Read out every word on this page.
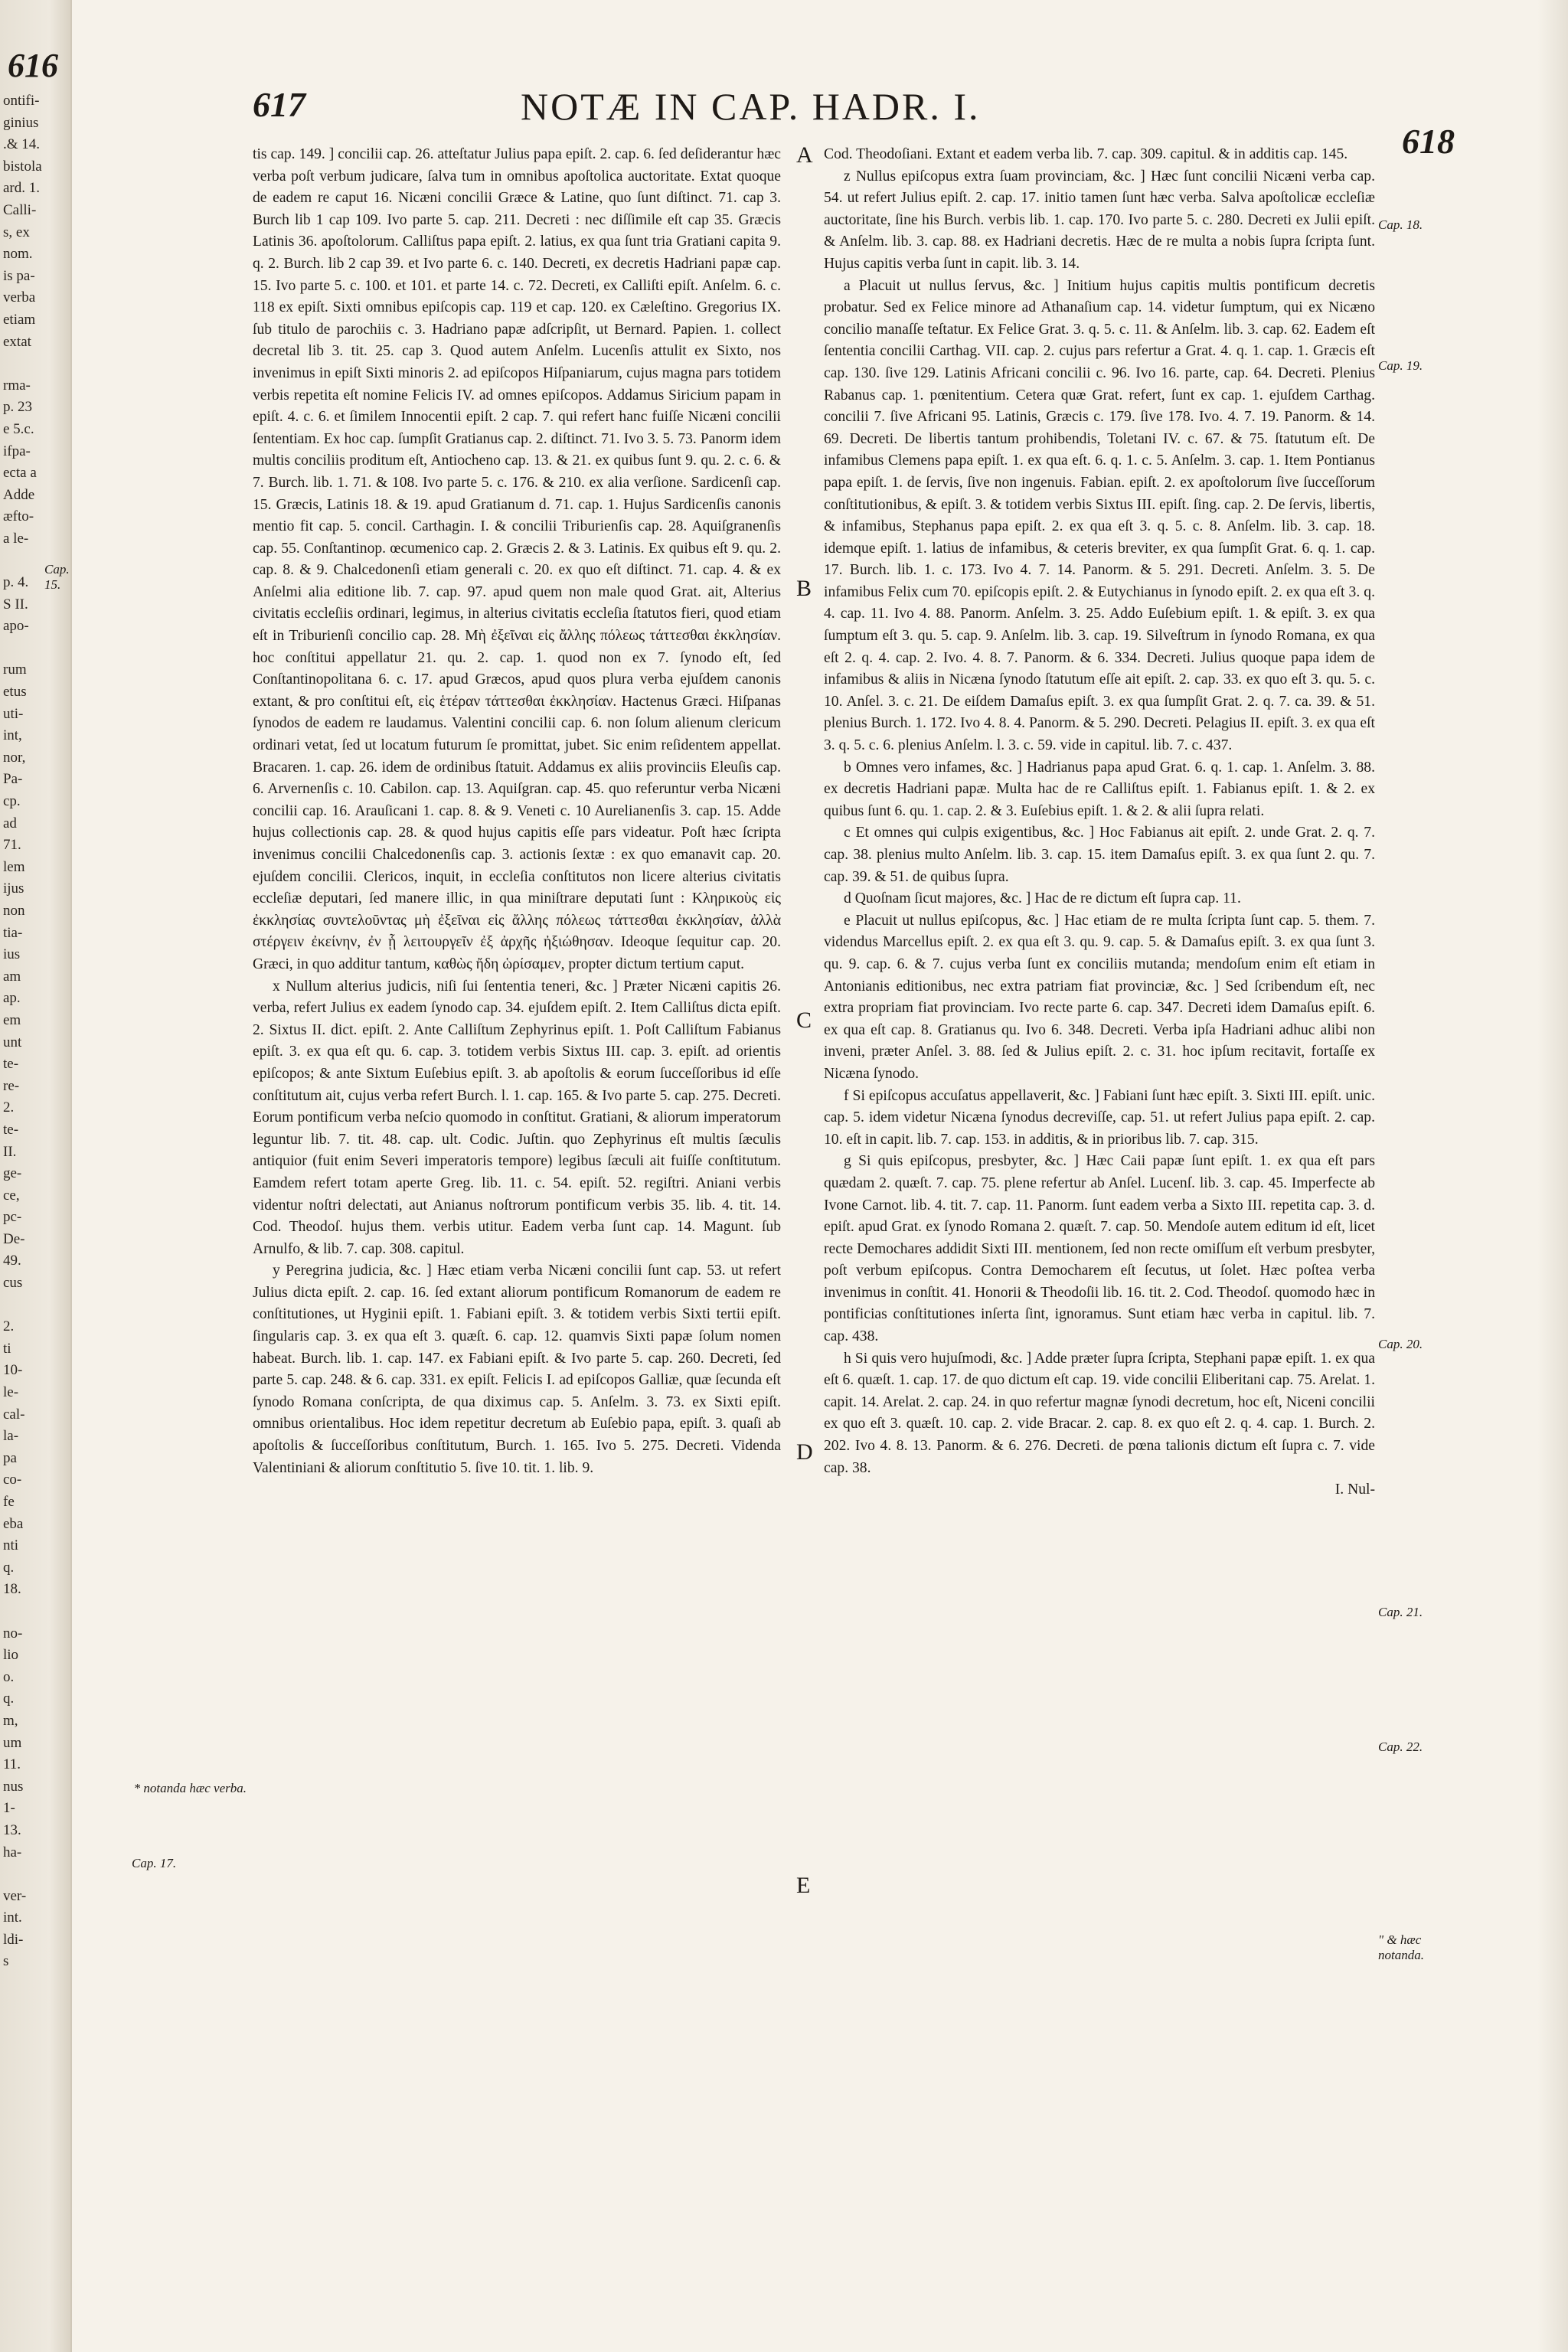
616
ontifi-
ginius
.& 14.
bistola
ard. 1.
Calli-
s, ex
nom.
is pa-
verba
etiam
extat
rma-
p. 23
e 5.c.
ifpa-
ecta a
Adde
æfto-
a le-
p. 4.
S II.
apo-
rum
etus
uti-
int,
nor,
Pa-
cp.
ad
71.
lem
ijus
non
tia-
ius
am
ap.
em
unt
te-
re-
2.
te-
II.
ge-
ce,
pc-
De-
49.
cus
2.
ti
10-
le-
cal-
la-
pa
co-
fe
eba
nti
q.
18.
no-
lio
o.
q.
m,
um
11.
nus
1-
13.
ha-
ver-
int.
ldi-
s
Cap. 15.
617	NOTÆ IN CAP. HADR. I.
618

tis cap. 149. ] concilii cap. 26. atteſtatur Julius papa epiſt. 2. cap. 6. ſed deſiderantur hæc verba poſt verbum judicare, ſalva tum in omnibus apoſtolica auctoritate. Extat quoque de eadem re caput 16. Nicæni concilii Græce & Latine, quo ſunt diſtinct. 71. cap 3. Burch lib 1 cap 109. Ivo parte 5. cap. 211. Decreti : nec diſſimile eſt cap 35. Græcis Latinis 36. apoſtolorum. Calliſtus papa epiſt. 2. latius, ex qua ſunt tria Gratiani capita 9. q. 2. Burch. lib 2 cap 39. et Ivo parte 6. c. 140. Decreti, ex decretis Hadriani papæ cap. 15. Ivo parte 5. c. 100. et 101. et parte 14. c. 72. Decreti, ex Calliſti epiſt. Anſelm. 6. c. 118 ex epiſt. Sixti omnibus epiſcopis cap. 119 et cap. 120. ex Cæleſtino. Gregorius IX. ſub titulo de parochiis c. 3. Hadriano papæ adſcripſit, ut Bernard. Papien. 1. collect decretal lib 3. tit. 25. cap 3. Quod autem Anſelm. Lucenſis attulit ex Sixto, nos invenimus in epiſt Sixti minoris 2. ad epiſcopos Hiſpaniarum, cujus magna pars totidem verbis repetita eſt nomine Felicis IV. ad omnes epiſcopos. Addamus Siricium papam in epiſt. 4. c. 6. et ſimilem Innocentii epiſt. 2 cap. 7. qui refert hanc fuiſſe Nicæni concilii ſententiam. Ex hoc cap. ſumpſit Gratianus cap. 2. diſtinct. 71. Ivo 3. 5. 73. Panorm idem multis conciliis proditum eſt, Antiocheno cap. 13. & 21. ex quibus ſunt 9. qu. 2. c. 6. & 7. Burch. lib. 1. 71. & 108. Ivo parte 5. c. 176. & 210. ex alia verſione. Sardicenſi cap. 15. Græcis, Latinis 18. & 19. apud Gratianum d. 71. cap. 1. Hujus Sardicenſis canonis mentio fit cap. 5. concil. Carthagin. I. & concilii Triburienſis cap. 28. Aquiſgranenſis cap. 55. Conſtantinop. œcumenico cap. 2. Græcis 2. & 3. Latinis. Ex quibus eſt 9. qu. 2. cap. 8. & 9. Chalcedonenſi etiam generali c. 20. ex quo eſt diſtinct. 71. cap. 4. & ex Anſelmi alia editione lib. 7. cap. 97. apud quem non male quod Grat. ait, Alterius civitatis eccleſiis ordinari, legimus, in alterius civitatis eccleſia ſtatutos fieri, quod etiam eſt in Triburienſi concilio cap. 28. Μὴ ἐξεῖναι εἰς ἄλλης πόλεως τάττεσθαι ἐκκλησίαν. hoc conſtitui appellatur 21. qu. 2. cap. 1. quod non ex 7. ſynodo eſt, ſed Conſtantinopolitana 6. c. 17. apud Græcos, apud quos plura verba ejuſdem canonis extant, & pro conſtitui eſt, εἰς ἑτέραν τάττεσθαι ἐκκλησίαν. Hactenus Græci. Hiſpanas ſynodos de eadem re laudamus. Valentini concilii cap. 6. non ſolum alienum clericum ordinari vetat, ſed ut locatum futurum ſe promittat, jubet. Sic enim reſidentem appellat. Bracaren. 1. cap. 26. idem de ordinibus ſtatuit. Addamus ex aliis provinciis Eleuſis cap. 6. Arvernenſis c. 10. Cabilon. cap. 13. Aquiſgran. cap. 45. quo referuntur verba Nicæni concilii cap. 16. Arauſicani 1. cap. 8. & 9. Veneti c. 10 Aurelianenſis 3. cap. 15. Adde hujus collectionis cap. 28. & quod hujus capitis eſſe pars videatur. Poſt hæc ſcripta invenimus concilii Chalcedonenſis cap. 3. actionis ſextæ : ex quo emanavit cap. 20. ejuſdem concilii. Clericos, inquit, in eccleſia conſtitutos non licere alterius civitatis eccleſiæ deputari, ſed manere illic, in qua miniſtrare deputati ſunt : Κληρικοὺς εἰς ἐκκλησίας συντελοῦντας μὴ ἐξεῖναι εἰς ἄλλης πόλεως τάττεσθαι ἐκκλησίαν, ἀλλὰ στέργειν ἐκείνην, ἐν ᾗ λειτουργεῖν ἐξ ἀρχῆς ἠξιώθησαν. Ideoque ſequitur cap. 20. Græci, in quo additur tantum, καθὼς ἤδη ὡρίσαμεν, propter dictum tertium caput.

x Nullum alterius judicis, niſi ſui ſententia teneri, &c. ] Præter Nicæni capitis 26. verba, refert Julius ex eadem ſynodo cap. 34. ejuſdem epiſt. 2. Item Calliſtus dicta epiſt. 2. Sixtus II. dict. epiſt. 2. Ante Calliſtum Zephyrinus epiſt. 1. Poſt Calliſtum Fabianus epiſt. 3. ex qua eſt qu. 6. cap. 3. totidem verbis Sixtus III. cap. 3. epiſt. ad orientis epiſcopos; & ante Sixtum Euſebius epiſt. 3. ab apoſtolis & eorum ſucceſſoribus id eſſe conſtitutum ait, cujus verba refert Burch. l. 1. cap. 165. & Ivo parte 5. cap. 275. Decreti. Eorum pontificum verba neſcio quomodo in conſtitut. Gratiani, & aliorum imperatorum leguntur lib. 7. tit. 48. cap. ult. Codic. Juſtin. quo Zephyrinus eſt multis ſæculis antiquior (fuit enim Severi imperatoris tempore) legibus ſæculi ait fuiſſe conſtitutum. Eamdem refert totam aperte Greg. lib. 11. c. 54. epiſt. 52. regiſtri. Aniani verbis videntur noſtri delectati, aut Anianus noſtrorum pontificum verbis 35. lib. 4. tit. 14. Cod. Theodoſ. hujus them. verbis utitur. Eadem verba ſunt cap. 14. Magunt. ſub Arnulfo, & lib. 7. cap. 308. capitul.

y Peregrina judicia, &c. ] Hæc etiam verba Nicæni concilii ſunt cap. 53. ut refert Julius dicta epiſt. 2. cap. 16. ſed extant aliorum pontificum Romanorum de eadem re conſtitutiones, ut Hyginii epiſt. 1. Fabiani epiſt. 3. & totidem verbis Sixti tertii epiſt. ſingularis cap. 3. ex qua eſt 3. quæſt. 6. cap. 12. quamvis Sixti papæ ſolum nomen habeat. Burch. lib. 1. cap. 147. ex Fabiani epiſt. & Ivo parte 5. cap. 260. Decreti, ſed parte 5. cap. 248. & 6. cap. 331. ex epiſt. Felicis I. ad epiſcopos Galliæ, quæ ſecunda eſt ſynodo Romana conſcripta, de qua diximus cap. 5. Anſelm. 3. 73. ex Sixti epiſt. omnibus orientalibus. Hoc idem repetitur decretum ab Euſebio papa, epiſt. 3. quaſi ab apoſtolis & ſucceſſoribus conſtitutum, Burch. 1. 165. Ivo 5. 275. Decreti. Videnda Valentiniani & aliorum conſtitutio 5. ſive 10. tit. 1. lib. 9.

Cod. Theodoſiani. Extant et eadem verba lib. 7. cap. 309. capitul. & in additis cap. 145.

z Nullus epiſcopus extra ſuam provinciam, &c. ] Hæc ſunt concilii Nicæni verba cap. 54. ut refert Julius epiſt. 2. cap. 17. initio tamen ſunt hæc verba. Salva apoſtolicæ eccleſiæ auctoritate, ſine his Burch. verbis lib. 1. cap. 170. Ivo parte 5. c. 280. Decreti ex Julii epiſt. & Anſelm. lib. 3. cap. 88. ex Hadriani decretis. Hæc de re multa a nobis ſupra ſcripta ſunt. Hujus capitis verba ſunt in capit. lib. 3. 14.

a Placuit ut nullus ſervus, &c. ] Initium hujus capitis multis pontificum decretis probatur. Sed ex Felice minore ad Athanaſium cap. 14. videtur ſumptum, qui ex Nicæno concilio manaſſe teſtatur. Ex Felice Grat. 3. q. 5. c. 11. & Anſelm. lib. 3. cap. 62. Eadem eſt ſententia concilii Carthag. VII. cap. 2. cujus pars refertur a Grat. 4. q. 1. cap. 1. Græcis eſt cap. 130. ſive 129. Latinis Africani concilii c. 96. Ivo 16. parte, cap. 64. Decreti. Plenius Rabanus cap. 1. pœnitentium. Cetera quæ Grat. refert, ſunt ex cap. 1. ejuſdem Carthag. concilii 7. ſive Africani 95. Latinis, Græcis c. 179. ſive 178. Ivo. 4. 7. 19. Panorm. & 14. 69. Decreti. De libertis tantum prohibendis, Toletani IV. c. 67. & 75. ſtatutum eſt. De infamibus Clemens papa epiſt. 1. ex qua eſt. 6. q. 1. c. 5. Anſelm. 3. cap. 1. Item Pontianus papa epiſt. 1. de ſervis, ſive non ingenuis. Fabian. epiſt. 2. ex apoſtolorum ſive ſucceſſorum conſtitutionibus, & epiſt. 3. & totidem verbis Sixtus III. epiſt. ſing. cap. 2. De ſervis, libertis, & infamibus, Stephanus papa epiſt. 2. ex qua eſt 3. q. 5. c. 8. Anſelm. lib. 3. cap. 18. idemque epiſt. 1. latius de infamibus, & ceteris breviter, ex qua ſumpſit Grat. 6. q. 1. cap. 17. Burch. lib. 1. c. 173. Ivo 4. 7. 14. Panorm. & 5. 291. Decreti. Anſelm. 3. 5. De infamibus Felix cum 70. epiſcopis epiſt. 2. & Eutychianus in ſynodo epiſt. 2. ex qua eſt 3. q. 4. cap. 11. Ivo 4. 88. Panorm. Anſelm. 3. 25. Addo Euſebium epiſt. 1. & epiſt. 3. ex qua ſumptum eſt 3. qu. 5. cap. 9. Anſelm. lib. 3. cap. 19. Silveſtrum in ſynodo Romana, ex qua eſt 2. q. 4. cap. 2. Ivo. 4. 8. 7. Panorm. & 6. 334. Decreti. Julius quoque papa idem de infamibus & aliis in Nicæna ſynodo ſtatutum eſſe ait epiſt. 2. cap. 33. ex quo eſt 3. qu. 5. c. 10. Anſel. 3. c. 21. De eiſdem Damaſus epiſt. 3. ex qua ſumpſit Grat. 2. q. 7. ca. 39. & 51. plenius Burch. 1. 172. Ivo 4. 8. 4. Panorm. & 5. 290. Decreti. Pelagius II. epiſt. 3. ex qua eſt 3. q. 5. c. 6. plenius Anſelm. l. 3. c. 59. vide in capitul. lib. 7. c. 437.

b Omnes vero infames, &c. ] Hadrianus papa apud Grat. 6. q. 1. cap. 1. Anſelm. 3. 88. ex decretis Hadriani papæ. Multa hac de re Calliſtus epiſt. 1. Fabianus epiſt. 1. & 2. ex quibus ſunt 6. qu. 1. cap. 2. & 3. Euſebius epiſt. 1. & 2. & alii ſupra relati.

c Et omnes qui culpis exigentibus, &c. ] Hoc Fabianus ait epiſt. 2. unde Grat. 2. q. 7. cap. 38. plenius multo Anſelm. lib. 3. cap. 15. item Damaſus epiſt. 3. ex qua ſunt 2. qu. 7. cap. 39. & 51. de quibus ſupra.

d Quoſnam ſicut majores, &c. ] Hac de re dictum eſt ſupra cap. 11.

e Placuit ut nullus epiſcopus, &c. ] Hac etiam de re multa ſcripta ſunt cap. 5. them. 7. videndus Marcellus epiſt. 2. ex qua eſt 3. qu. 9. cap. 5. & Damaſus epiſt. 3. ex qua ſunt 3. qu. 9. cap. 6. & 7. cujus verba ſunt ex conciliis mutanda; mendoſum enim eſt etiam in Antonianis editionibus, nec extra patriam fiat provinciæ, &c. ] Sed ſcribendum eſt, nec extra propriam fiat provinciam. Ivo recte parte 6. cap. 347. Decreti idem Damaſus epiſt. 6. ex qua eſt cap. 8. Gratianus qu. Ivo 6. 348. Decreti. Verba ipſa Hadriani adhuc alibi non inveni, præter Anſel. 3. 88. ſed & Julius epiſt. 2. c. 31. hoc ipſum recitavit, fortaſſe ex Nicæna ſynodo.

f Si epiſcopus accuſatus appellaverit, &c. ] Fabiani ſunt hæc epiſt. 3. Sixti III. epiſt. unic. cap. 5. idem videtur Nicæna ſynodus decreviſſe, cap. 51. ut refert Julius papa epiſt. 2. cap. 10. eſt in capit. lib. 7. cap. 153. in additis, & in prioribus lib. 7. cap. 315.

g Si quis epiſcopus, presbyter, &c. ] Hæc Caii papæ ſunt epiſt. 1. ex qua eſt pars quædam 2. quæſt. 7. cap. 75. plene refertur ab Anſel. Lucenſ. lib. 3. cap. 45. Imperfecte ab Ivone Carnot. lib. 4. tit. 7. cap. 11. Panorm. ſunt eadem verba a Sixto III. repetita cap. 3. d. epiſt. apud Grat. ex ſynodo Romana 2. quæſt. 7. cap. 50. Mendoſe autem editum id eſt, licet recte Demochares addidit Sixti III. mentionem, ſed non recte omiſſum eſt verbum presbyter, poſt verbum epiſcopus. Contra Democharem eſt ſecutus, ut ſolet. Hæc poſtea verba invenimus in conſtit. 41. Honorii & Theodoſii lib. 16. tit. 2. Cod. Theodoſ. quomodo hæc in pontificias conſtitutiones inſerta ſint, ignoramus. Sunt etiam hæc verba in capitul. lib. 7. cap. 438.

h Si quis vero hujuſmodi, &c. ] Adde præter ſupra ſcripta, Stephani papæ epiſt. 1. ex qua eſt 6. quæſt. 1. cap. 17. de quo dictum eſt cap. 19. vide concilii Eliberitani cap. 75. Arelat. 1. capit. 14. Arelat. 2. cap. 24. in quo refertur magnæ ſynodi decretum, hoc eſt, Niceni concilii ex quo eſt 3. quæſt. 10. cap. 2. vide Bracar. 2. cap. 8. ex quo eſt 2. q. 4. cap. 1. Burch. 2. 202. Ivo 4. 8. 13. Panorm. & 6. 276. Decreti. de pœna talionis dictum eſt ſupra c. 7. vide cap. 38.

I. Nul-

A
B
C
D
E
* notanda hæc verba.
Cap. 17.
Cap. 18.
Cap. 19.
Cap. 20.
Cap. 21.
Cap. 22.
" & hæc notanda.
